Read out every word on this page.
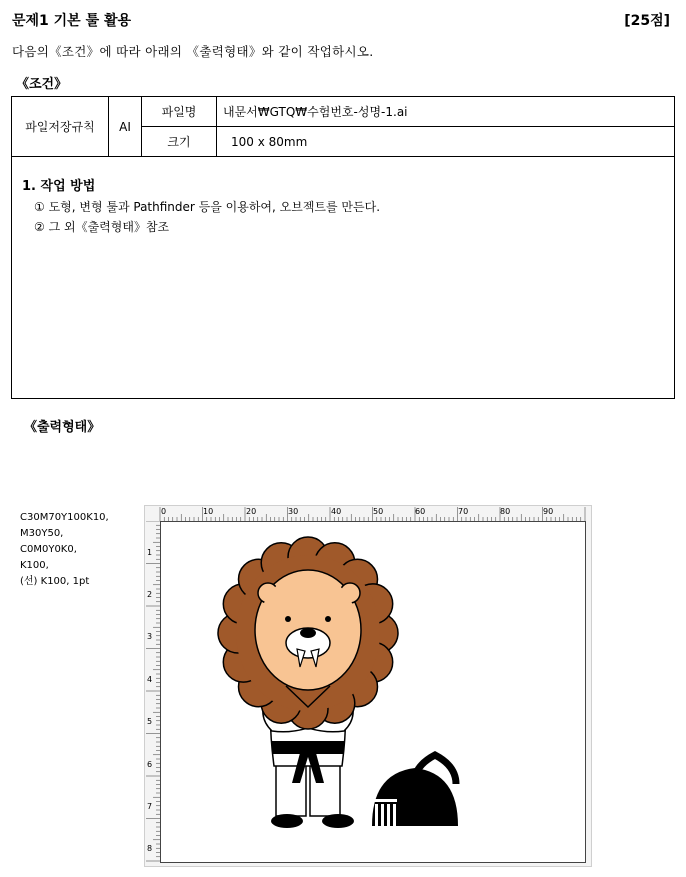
문제1 기본 툴 활용	[25점]
다음의《조건》에 따라 아래의 《출력형태》와 같이 작업하시오.
《조건》
파일저장규칙	AI	파일명	내문서₩GTQ₩수험번호-성명-1.ai
		크기	100 x 80mm
1. 작업 방법
① 도형, 변형 툴과 Pathfinder 등을 이용하여, 오브젝트를 만든다.
② 그 외《출력형태》참조
《출력형태》
C30M70Y100K10,
M30Y50,
C0M0Y0K0,
K100,
(선) K100, 1pt
0	10	20	30	40	50	60	70	80	90
1
2
3
4
5
6
7
8
